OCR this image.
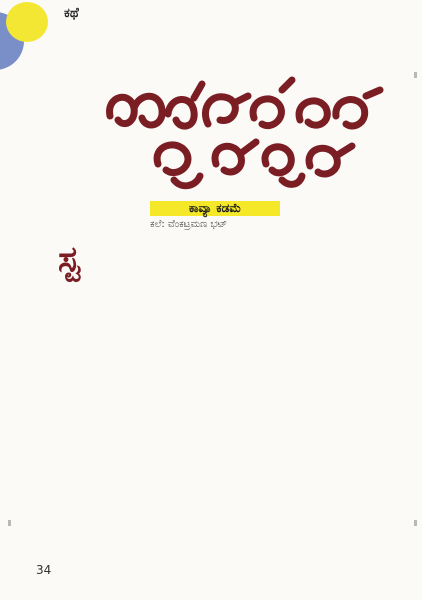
ಕಥೆ
ಕಾವ್ಯಾ ಕಡಮೆ
ಕಲೆ: ವೆಂಕಟ್ರಮಣ ಭಟ್
ಸ್ಟ

34
